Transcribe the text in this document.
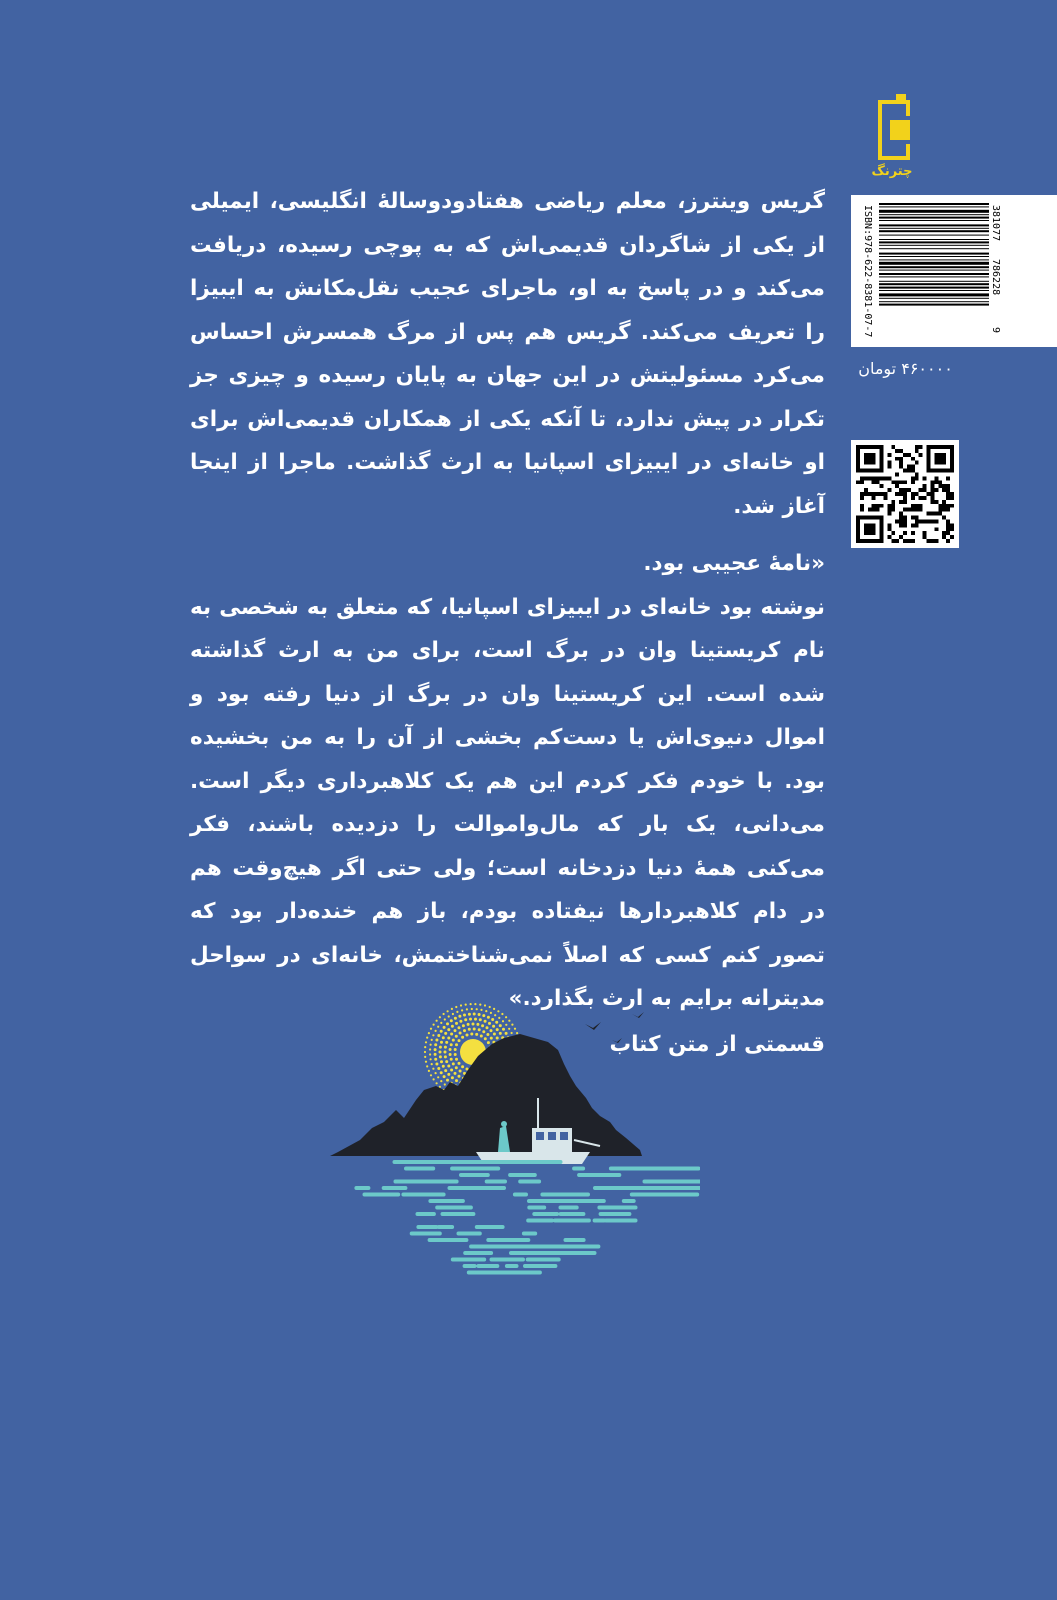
چترنگ
ISBN:978-622-8381-07-7	9
786228
381077
۴۶۰۰۰۰ تومان

گریس وینترز، معلم ریاضی هفتادودوسالهٔ انگلیسی، ایمیلی از یکی از شاگردان قدیمی‌اش که به پوچی رسیده، دریافت می‌کند و در پاسخ به او، ماجرای عجیب نقل‌مکانش به ایبیزا را تعریف می‌کند. گریس هم پس از مرگ همسرش احساس می‌کرد مسئولیتش در این جهان به پایان رسیده و چیزی جز تکرار در پیش ندارد، تا آنکه یکی از همکاران قدیمی‌اش برای او خانه‌ای در ایبیزای اسپانیا به ارث گذاشت. ماجرا از اینجا آغاز شد.

«نامهٔ عجیبی بود.

نوشته بود خانه‌ای در ایبیزای اسپانیا، که متعلق به شخصی به نام کریستینا وان در برگ است، برای من به ارث گذاشته شده است. این کریستینا وان در برگ از دنیا رفته بود و اموال دنیوی‌اش یا دست‌کم بخشی از آن را به من بخشیده بود. با خودم فکر کردم این هم یک کلاهبرداری دیگر است. می‌دانی، یک بار که مال‌واموالت را دزدیده باشند، فکر می‌کنی همهٔ دنیا دزدخانه است؛ ولی حتی اگر هیچ‌وقت هم در دام کلاهبردارها نیفتاده بودم، باز هم خنده‌دار بود که تصور کنم کسی که اصلاً نمی‌شناختمش، خانه‌ای در سواحل مدیترانه برایم به ارث بگذارد.»

قسمتی از متن کتاب
